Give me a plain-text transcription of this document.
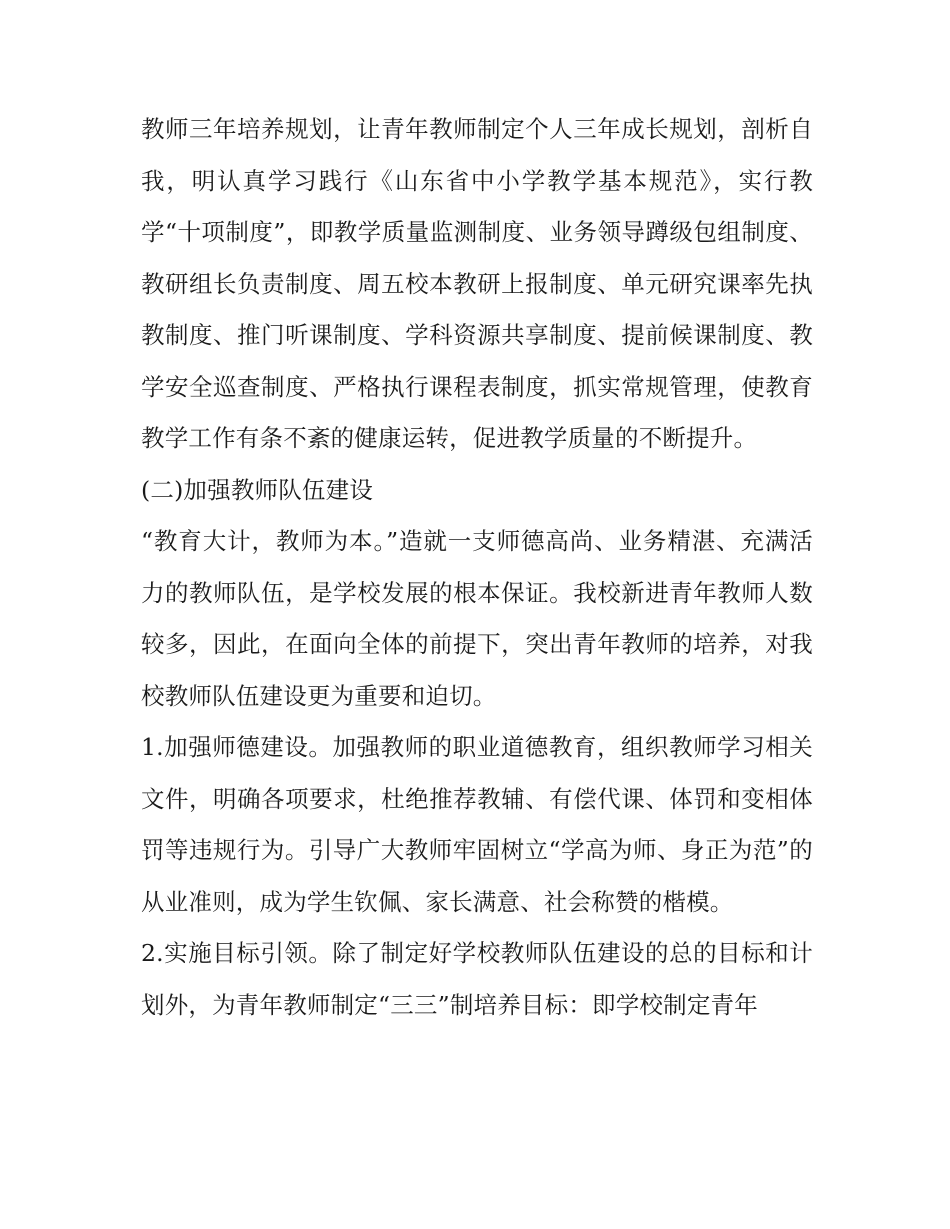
教师三年培养规划，让青年教师制定个人三年成长规划，剖析自我，明认真学习践行《山东省中小学教学基本规范》，实行教学“十项制度”，即教学质量监测制度、业务领导蹲级包组制度、教研组长负责制度、周五校本教研上报制度、单元研究课率先执教制度、推门听课制度、学科资源共享制度、提前候课制度、教学安全巡查制度、严格执行课程表制度，抓实常规管理，使教育教学工作有条不紊的健康运转，促进教学质量的不断提升。

(二)加强教师队伍建设

“教育大计，教师为本。”造就一支师德高尚、业务精湛、充满活力的教师队伍，是学校发展的根本保证。我校新进青年教师人数较多，因此，在面向全体的前提下，突出青年教师的培养，对我校教师队伍建设更为重要和迫切。

1.加强师德建设。加强教师的职业道德教育，组织教师学习相关文件，明确各项要求，杜绝推荐教辅、有偿代课、体罚和变相体罚等违规行为。引导广大教师牢固树立“学高为师、身正为范”的从业准则，成为学生钦佩、家长满意、社会称赞的楷模。

2.实施目标引领。除了制定好学校教师队伍建设的总的目标和计划外，为青年教师制定“三三”制培养目标：即学校制定青年
